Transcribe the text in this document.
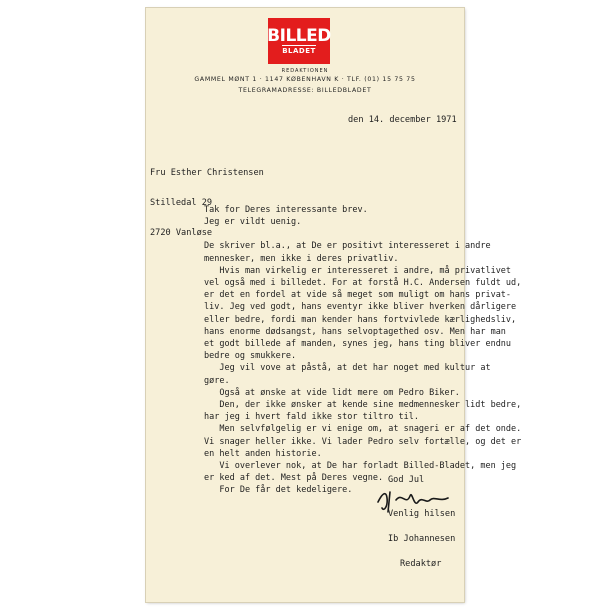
BILLED
BLADET
REDAKTIONEN
GAMMEL MØNT 1 · 1147 KØBENHAVN K · TLF. (01) 15 75 75
TELEGRAMADRESSE: BILLEDBLADET
den 14. december 1971

Fru Esther Christensen

Stilledal 29

2720 Vanløse

Tak for Deres interessante brev.
Jeg er vildt uenig.
De skriver bl.a., at De er positivt interesseret i andre
mennesker, men ikke i deres privatliv.
Hvis man virkelig er interesseret i andre, må privatlivet
vel også med i billedet. For at forstå H.C. Andersen fuldt ud,
er det en fordel at vide så meget som muligt om hans privat-
liv. Jeg ved godt, hans eventyr ikke bliver hverken dårligere
eller bedre, fordi man kender hans fortvivlede kærlighedsliv,
hans enorme dødsangst, hans selvoptagethed osv. Men har man
et godt billede af manden, synes jeg, hans ting bliver endnu
bedre og smukkere.
Jeg vil vove at påstå, at det har noget med kultur at
gøre.
Også at ønske at vide lidt mere om Pedro Biker.
Den, der ikke ønsker at kende sine medmennesker lidt bedre,
har jeg i hvert fald ikke stor tiltro til.
Men selvfølgelig er vi enige om, at snageri er af det onde.
Vi snager heller ikke. Vi lader Pedro selv fortælle, og det er
en helt anden historie.
Vi overlever nok, at De har forladt Billed-Bladet, men jeg
er ked af det. Mest på Deres vegne.
For De får det kedeligere.
God Jul

Venlig hilsen

Ib Johannesen

Redaktør
